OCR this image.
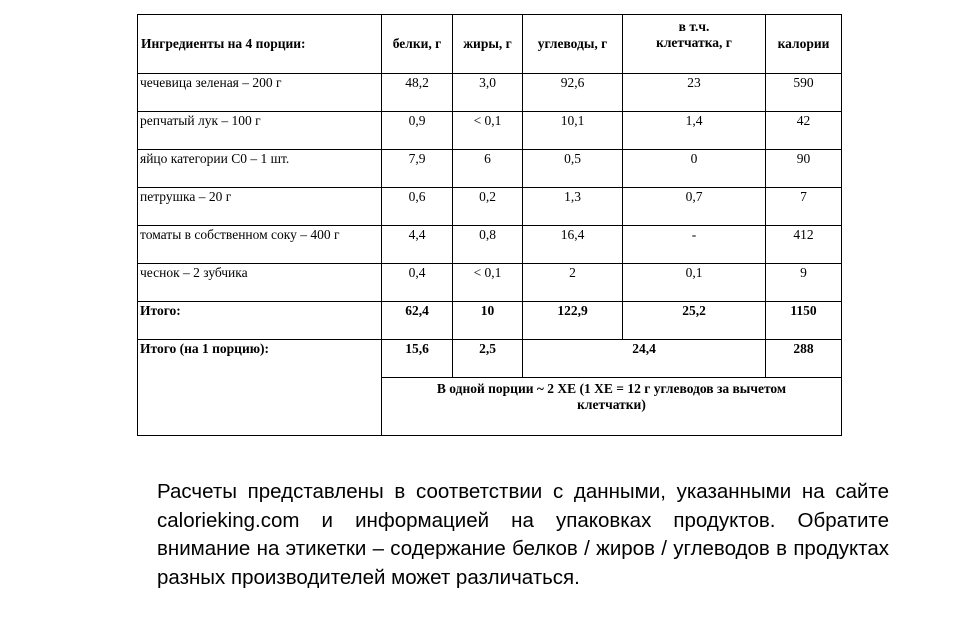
Ингредиенты на 4 порции:	белки, г	жиры, г	углеводы, г	в т.ч.
клетчатка, г	калории
чечевица зеленая – 200 г	48,2	3,0	92,6	23	590
репчатый лук – 100 г	0,9	< 0,1	10,1	1,4	42
яйцо категории С0 – 1 шт.	7,9	6	0,5	0	90
петрушка – 20 г	0,6	0,2	1,3	0,7	7
томаты в собственном соку – 400 г	4,4	0,8	16,4	-	412
чеснок – 2 зубчика	0,4	< 0,1	2	0,1	9
Итого:	62,4	10	122,9	25,2	1150
Итого (на 1 порцию):	15,6	2,5	24,4		288
	В одной порции ~ 2 ХЕ (1 ХЕ = 12 г углеводов за вычетом клетчатки)				

Расчеты представлены в соответствии с данными, указанными на сайте calorieking.com и информацией на упаковках продуктов. Обратите внимание на этикетки – содержание белков / жиров / углеводов в продуктах разных производителей может различаться.
